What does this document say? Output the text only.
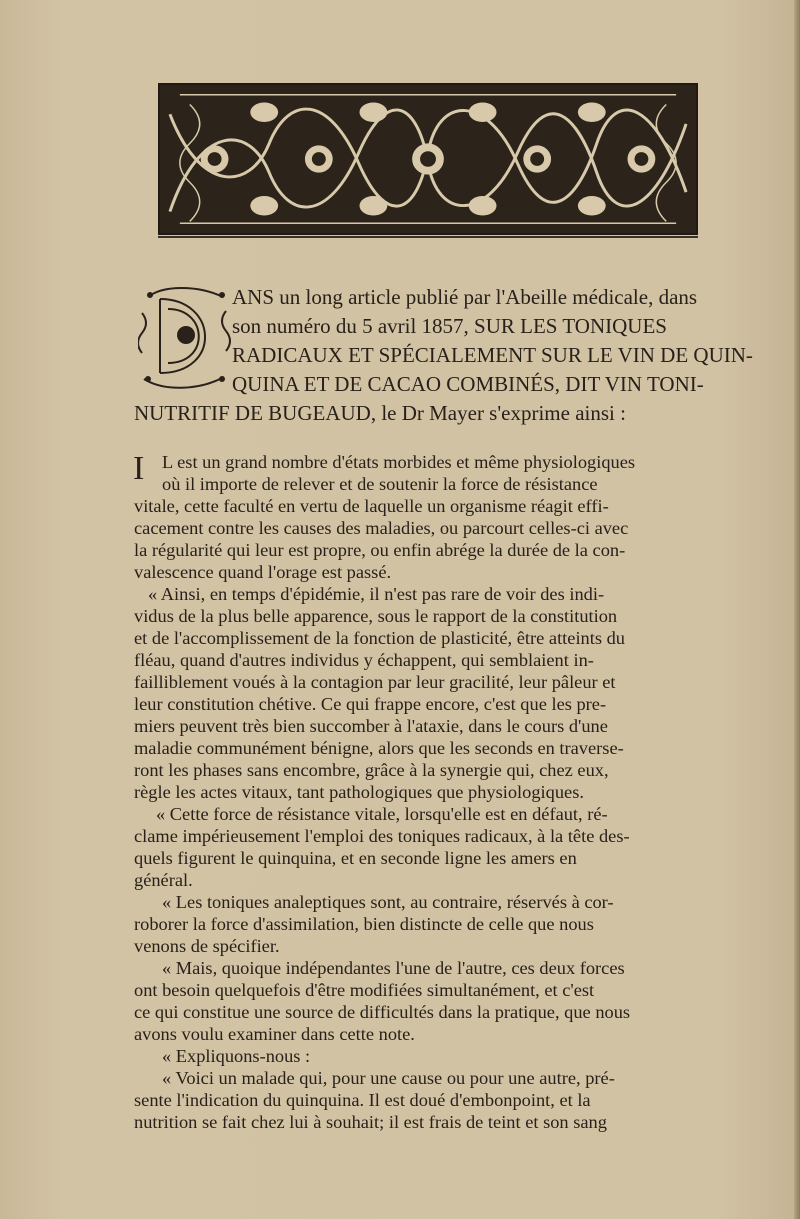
ANS un long article publié par l'Abeille médicale, dans
son numéro du 5 avril 1857, SUR LES TONIQUES
RADICAUX ET SPÉCIALEMENT SUR LE VIN DE QUIN-
QUINA ET DE CACAO COMBINÉS, DIT VIN TONI-
NUTRITIF DE BUGEAUD, le Dr Mayer s'exprime ainsi :
I L est un grand nombre d'états morbides et même physiologiques
où il importe de relever et de soutenir la force de résistance
vitale, cette faculté en vertu de laquelle un organisme réagit effi-
cacement contre les causes des maladies, ou parcourt celles-ci avec
la régularité qui leur est propre, ou enfin abrége la durée de la con-
valescence quand l'orage est passé.
« Ainsi, en temps d'épidémie, il n'est pas rare de voir des indi-
vidus de la plus belle apparence, sous le rapport de la constitution
et de l'accomplissement de la fonction de plasticité, être atteints du
fléau, quand d'autres individus y échappent, qui semblaient in-
failliblement voués à la contagion par leur gracilité, leur pâleur et
leur constitution chétive. Ce qui frappe encore, c'est que les pre-
miers peuvent très bien succomber à l'ataxie, dans le cours d'une
maladie communément bénigne, alors que les seconds en traverse-
ront les phases sans encombre, grâce à la synergie qui, chez eux,
règle les actes vitaux, tant pathologiques que physiologiques.
« Cette force de résistance vitale, lorsqu'elle est en défaut, ré-
clame impérieusement l'emploi des toniques radicaux, à la tête des-
quels figurent le quinquina, et en seconde ligne les amers en
général.
« Les toniques analeptiques sont, au contraire, réservés à cor-
roborer la force d'assimilation, bien distincte de celle que nous
venons de spécifier.
« Mais, quoique indépendantes l'une de l'autre, ces deux forces
ont besoin quelquefois d'être modifiées simultanément, et c'est
ce qui constitue une source de difficultés dans la pratique, que nous
avons voulu examiner dans cette note.
« Expliquons-nous :
« Voici un malade qui, pour une cause ou pour une autre, pré-
sente l'indication du quinquina. Il est doué d'embonpoint, et la
nutrition se fait chez lui à souhait; il est frais de teint et son sang
